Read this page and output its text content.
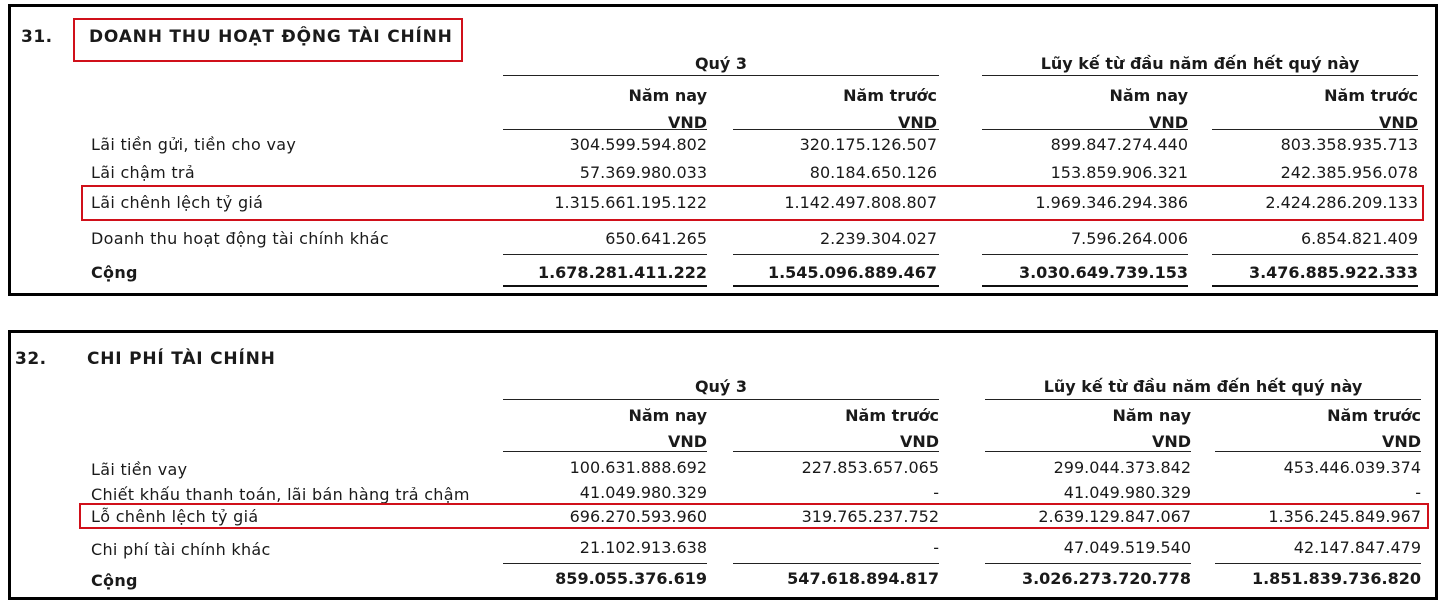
31. DOANH THU HOẠT ĐỘNG TÀI CHÍNH
Quý 3	Lũy kế từ đầu năm đến hết quý này
Năm nay	Năm trước	Năm nay	Năm trước
VND	VND	VND	VND
Lãi tiền gửi, tiền cho vay	304.599.594.802	320.175.126.507	899.847.274.440	803.358.935.713
Lãi chậm trả	57.369.980.033	80.184.650.126	153.859.906.321	242.385.956.078
Lãi chênh lệch tỷ giá	1.315.661.195.122	1.142.497.808.807	1.969.346.294.386	2.424.286.209.133
Doanh thu hoạt động tài chính khác	650.641.265	2.239.304.027	7.596.264.006	6.854.821.409
Cộng	1.678.281.411.222	1.545.096.889.467	3.030.649.739.153	3.476.885.922.333
32. CHI PHÍ TÀI CHÍNH
Quý 3	Lũy kế từ đầu năm đến hết quý này
Năm nay	Năm trước	Năm nay	Năm trước
VND	VND	VND	VND
Lãi tiền vay	100.631.888.692	227.853.657.065	299.044.373.842	453.446.039.374
Chiết khấu thanh toán, lãi bán hàng trả chậm	41.049.980.329	-	41.049.980.329	-
Lỗ chênh lệch tỷ giá	696.270.593.960	319.765.237.752	2.639.129.847.067	1.356.245.849.967
Chi phí tài chính khác	21.102.913.638	-	47.049.519.540	42.147.847.479
Cộng	859.055.376.619	547.618.894.817	3.026.273.720.778	1.851.839.736.820
